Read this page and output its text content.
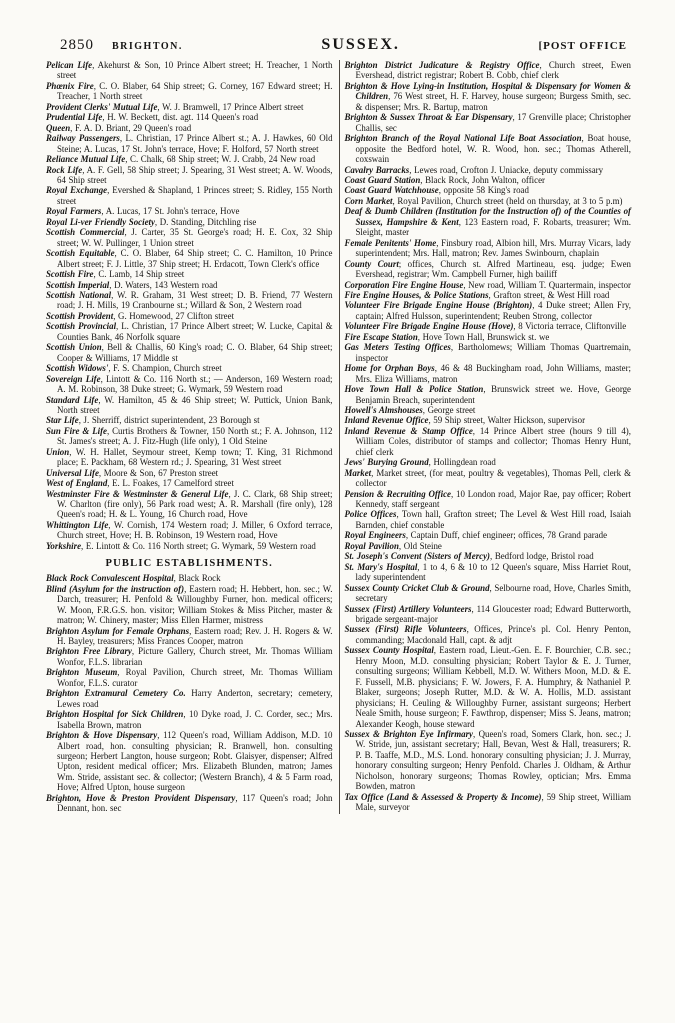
2850 BRIGHTON.	SUSSEX.	[POST OFFICE

Pelican Life, Akehurst & Son, 10 Prince Albert street; H. Treacher, 1 North street

Phœnix Fire, C. O. Blaber, 64 Ship street; G. Corney, 167 Edward street; H. Treacher, 1 North street

Provident Clerks' Mutual Life, W. J. Bramwell, 17 Prince Albert street

Prudential Life, H. W. Beckett, dist. agt. 114 Queen's road

Queen, F. A. D. Briant, 29 Queen's road

Railway Passengers, L. Christian, 17 Prince Albert st.; A. J. Hawkes, 60 Old Steine; A. Lucas, 17 St. John's terrace, Hove; F. Holford, 57 North street

Reliance Mutual Life, C. Chalk, 68 Ship street; W. J. Crabb, 24 New road

Rock Life, A. F. Gell, 58 Ship street; J. Spearing, 31 West street; A. W. Woods, 64 Ship street

Royal Exchange, Evershed & Shapland, 1 Princes street; S. Ridley, 155 North street

Royal Farmers, A. Lucas, 17 St. John's terrace, Hove

Royal Li-ver Friendly Society, D. Standing, Ditchling rise

Scottish Commercial, J. Carter, 35 St. George's road; H. E. Cox, 32 Ship street; W. W. Pullinger, 1 Union street

Scottish Equitable, C. O. Blaber, 64 Ship street; C. C. Hamilton, 10 Prince Albert street; F. J. Little, 37 Ship street; H. Erdacott, Town Clerk's office

Scottish Fire, C. Lamb, 14 Ship street

Scottish Imperial, D. Waters, 143 Western road

Scottish National, W. R. Graham, 31 West street; D. B. Friend, 77 Western road; J. H. Mills, 19 Cranbourne st.; Willard & Son, 2 Western road

Scottish Provident, G. Homewood, 27 Clifton street

Scottish Provincial, L. Christian, 17 Prince Albert street; W. Lucke, Capital & Counties Bank, 46 Norfolk square

Scottish Union, Bell & Challis, 60 King's road; C. O. Blaber, 64 Ship street; Cooper & Williams, 17 Middle st

Scottish Widows', F. S. Champion, Church street

Sovereign Life, Lintott & Co. 116 North st.; — Anderson, 169 Western road; A. M. Robinson, 38 Duke street; G. Wymark, 59 Western road

Standard Life, W. Hamilton, 45 & 46 Ship street; W. Puttick, Union Bank, North street

Star Life, J. Sherriff, district superintendent, 23 Borough st

Sun Fire & Life, Curtis Brothers & Towner, 150 North st.; F. A. Johnson, 112 St. James's street; A. J. Fitz-Hugh (life only), 1 Old Steine

Union, W. H. Hallet, Seymour street, Kemp town; T. King, 31 Richmond place; E. Packham, 68 Western rd.; J. Spearing, 31 West street

Universal Life, Moore & Son, 67 Preston street

West of England, E. L. Foakes, 17 Camelford street

Westminster Fire & Westminster & General Life, J. C. Clark, 68 Ship street; W. Charlton (fire only), 56 Park road west; A. R. Marshall (fire only), 128 Queen's road; H. & L. Young, 16 Church road, Hove

Whittington Life, W. Cornish, 174 Western road; J. Miller, 6 Oxford terrace, Church street, Hove; H. B. Robinson, 19 Western road, Hove

Yorkshire, E. Lintott & Co. 116 North street; G. Wymark, 59 Western road

PUBLIC ESTABLISHMENTS.

Black Rock Convalescent Hospital, Black Rock

Blind (Asylum for the instruction of), Eastern road; H. Hebbert, hon. sec.; W. Darch, treasurer; H. Penfold & Willoughby Furner, hon. medical officers; W. Moon, F.R.G.S. hon. visitor; William Stokes & Miss Pitcher, master & matron; W. Chinery, master; Miss Ellen Harmer, mistress

Brighton Asylum for Female Orphans, Eastern road; Rev. J. H. Rogers & W. H. Bayley, treasurers; Miss Frances Cooper, matron

Brighton Free Library, Picture Gallery, Church street, Mr. Thomas William Wonfor, F.L.S. librarian

Brighton Museum, Royal Pavilion, Church street, Mr. Thomas William Wonfor, F.L.S. curator

Brighton Extramural Cemetery Co. Harry Anderton, secretary; cemetery, Lewes road

Brighton Hospital for Sick Children, 10 Dyke road, J. C. Corder, sec.; Mrs. Isabella Brown, matron

Brighton & Hove Dispensary, 112 Queen's road, William Addison, M.D. 10 Albert road, hon. consulting physician; R. Branwell, hon. consulting surgeon; Herbert Langton, house surgeon; Robt. Glaisyer, dispenser; Alfred Upton, resident medical officer; Mrs. Elizabeth Blunden, matron; James Wm. Stride, assistant sec. & collector; (Western Branch), 4 & 5 Farm road, Hove; Alfred Upton, house surgeon

Brighton, Hove & Preston Provident Dispensary, 117 Queen's road; John Dennant, hon. sec

Brighton District Judicature & Registry Office, Church street, Ewen Evershead, district registrar; Robert B. Cobb, chief clerk

Brighton & Hove Lying-in Institution, Hospital & Dispensary for Women & Children, 76 West street, H. F. Harvey, house surgeon; Burgess Smith, sec. & dispenser; Mrs. R. Bartup, matron

Brighton & Sussex Throat & Ear Dispensary, 17 Grenville place; Christopher Challis, sec

Brighton Branch of the Royal National Life Boat Association, Boat house, opposite the Bedford hotel, W. R. Wood, hon. sec.; Thomas Atherell, coxswain

Cavalry Barracks, Lewes road, Crofton J. Uniacke, deputy commissary

Coast Guard Station, Black Rock, John Walton, officer

Coast Guard Watchhouse, opposite 58 King's road

Corn Market, Royal Pavilion, Church street (held on thursday, at 3 to 5 p.m)

Deaf & Dumb Children (Institution for the Instruction of) of the Counties of Sussex, Hampshire & Kent, 123 Eastern road, F. Robarts, treasurer; Wm. Sleight, master

Female Penitents' Home, Finsbury road, Albion hill, Mrs. Murray Vicars, lady superintendent; Mrs. Hall, matron; Rev. James Swinbourn, chaplain

County Court; offices, Church st. Alfred Martineau, esq. judge; Ewen Evershead, registrar; Wm. Campbell Furner, high bailiff

Corporation Fire Engine House, New road, William T. Quartermain, inspector

Fire Engine Houses, & Police Stations, Grafton street, & West Hill road

Volunteer Fire Brigade Engine House (Brighton), 4 Duke street; Allen Fry, captain; Alfred Hulsson, superintendent; Reuben Strong, collector

Volunteer Fire Brigade Engine House (Hove), 8 Victoria terrace, Cliftonville

Fire Escape Station, Hove Town Hall, Brunswick st. we

Gas Meters Testing Offices, Bartholomews; William Thomas Quartremain, inspector

Home for Orphan Boys, 46 & 48 Buckingham road, John Williams, master; Mrs. Eliza Williams, matron

Hove Town Hall & Police Station, Brunswick street we. Hove, George Benjamin Breach, superintendent

Howell's Almshouses, George street

Inland Revenue Office, 59 Ship street, Walter Hickson, supervisor

Inland Revenue & Stamp Office, 14 Prince Albert stree (hours 9 till 4), William Coles, distributor of stamps and collector; Thomas Henry Hunt, chief clerk

Jews' Burying Ground, Hollingdean road

Market, Market street, (for meat, poultry & vegetables), Thomas Pell, clerk & collector

Pension & Recruiting Office, 10 London road, Major Rae, pay officer; Robert Kennedy, staff sergeant

Police Offices, Town hall, Grafton street; The Level & West Hill road, Isaiah Barnden, chief constable

Royal Engineers, Captain Duff, chief engineer; offices, 78 Grand parade

Royal Pavilion, Old Steine

St. Joseph's Convent (Sisters of Mercy), Bedford lodge, Bristol road

St. Mary's Hospital, 1 to 4, 6 & 10 to 12 Queen's square, Miss Harriet Rout, lady superintendent

Sussex County Cricket Club & Ground, Selbourne road, Hove, Charles Smith, secretary

Sussex (First) Artillery Volunteers, 114 Gloucester road; Edward Butterworth, brigade sergeant-major

Sussex (First) Rifle Volunteers, Offices, Prince's pl. Col. Henry Penton, commanding; Macdonald Hall, capt. & adjt

Sussex County Hospital, Eastern road, Lieut.-Gen. E. F. Bourchier, C.B. sec.; Henry Moon, M.D. consulting physician; Robert Taylor & E. J. Turner, consulting surgeons; William Kebbell, M.D. W. Withers Moon, M.D. & E. F. Fussell, M.B. physicians; F. W. Jowers, F. A. Humphry, & Nathaniel P. Blaker, surgeons; Joseph Rutter, M.D. & W. A. Hollis, M.D. assistant physicians; H. Ceuling & Willoughby Furner, assistant surgeons; Herbert Neale Smith, house surgeon; F. Fawthrop, dispenser; Miss S. Jeans, matron; Alexander Keogh, house steward

Sussex & Brighton Eye Infirmary, Queen's road, Somers Clark, hon. sec.; J. W. Stride, jun, assistant secretary; Hall, Bevan, West & Hall, treasurers; R. P. B. Taaffe, M.D., M.S. Lond. honorary consulting physician; J. J. Murray, honorary consulting surgeon; Henry Penfold. Charles J. Oldham, & Arthur Nicholson, honorary surgeons; Thomas Rowley, optician; Mrs. Emma Bowden, matron

Tax Office (Land & Assessed & Property & Income), 59 Ship street, William Male, surveyor
